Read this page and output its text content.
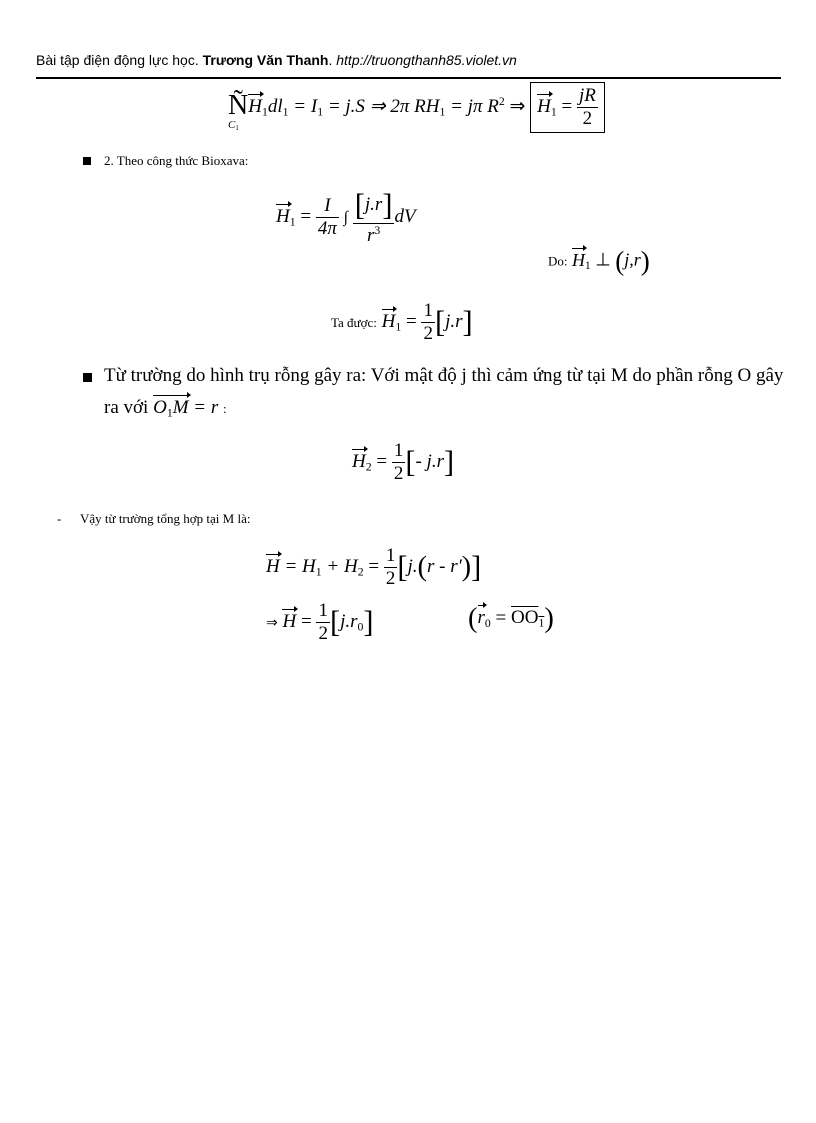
Bài tập điện động lực học. Trương Văn Thanh. http://truongthanh85.violet.vn
$ÑH_1dl_1 = I_1 = j.S$ ⇒ 2π $RH_1 = j\pi$ $R^2$ ⇒ $H_1 = \frac{jR}{2}$
$C_1$
2. Theo công thức Bioxava:
$H_1 = \frac{I}{4\pi}$ ∫ $\frac{[j.r]}{r^3}$ dV
Do: $H_1$ ⊥ (j,r)
Ta được: $H_1 = \frac{1}{2} [j.r]$
Từ trường do hình trụ rỗng gây ra: Với mật độ j thì cảm ứng từ tại M do phần rỗng O gây
ra với $O_1M = r$ :
$H_2 = \frac{1}{2}$ [- j.r]
- Vậy từ trường tổng hợp tại M là:
$H = H_1 + H_2 = \frac{1}{2} [j.(r - r')]$
⇒ $H = \frac{1}{2} [j.r_0]$	$(r_0 = OO_1)$
